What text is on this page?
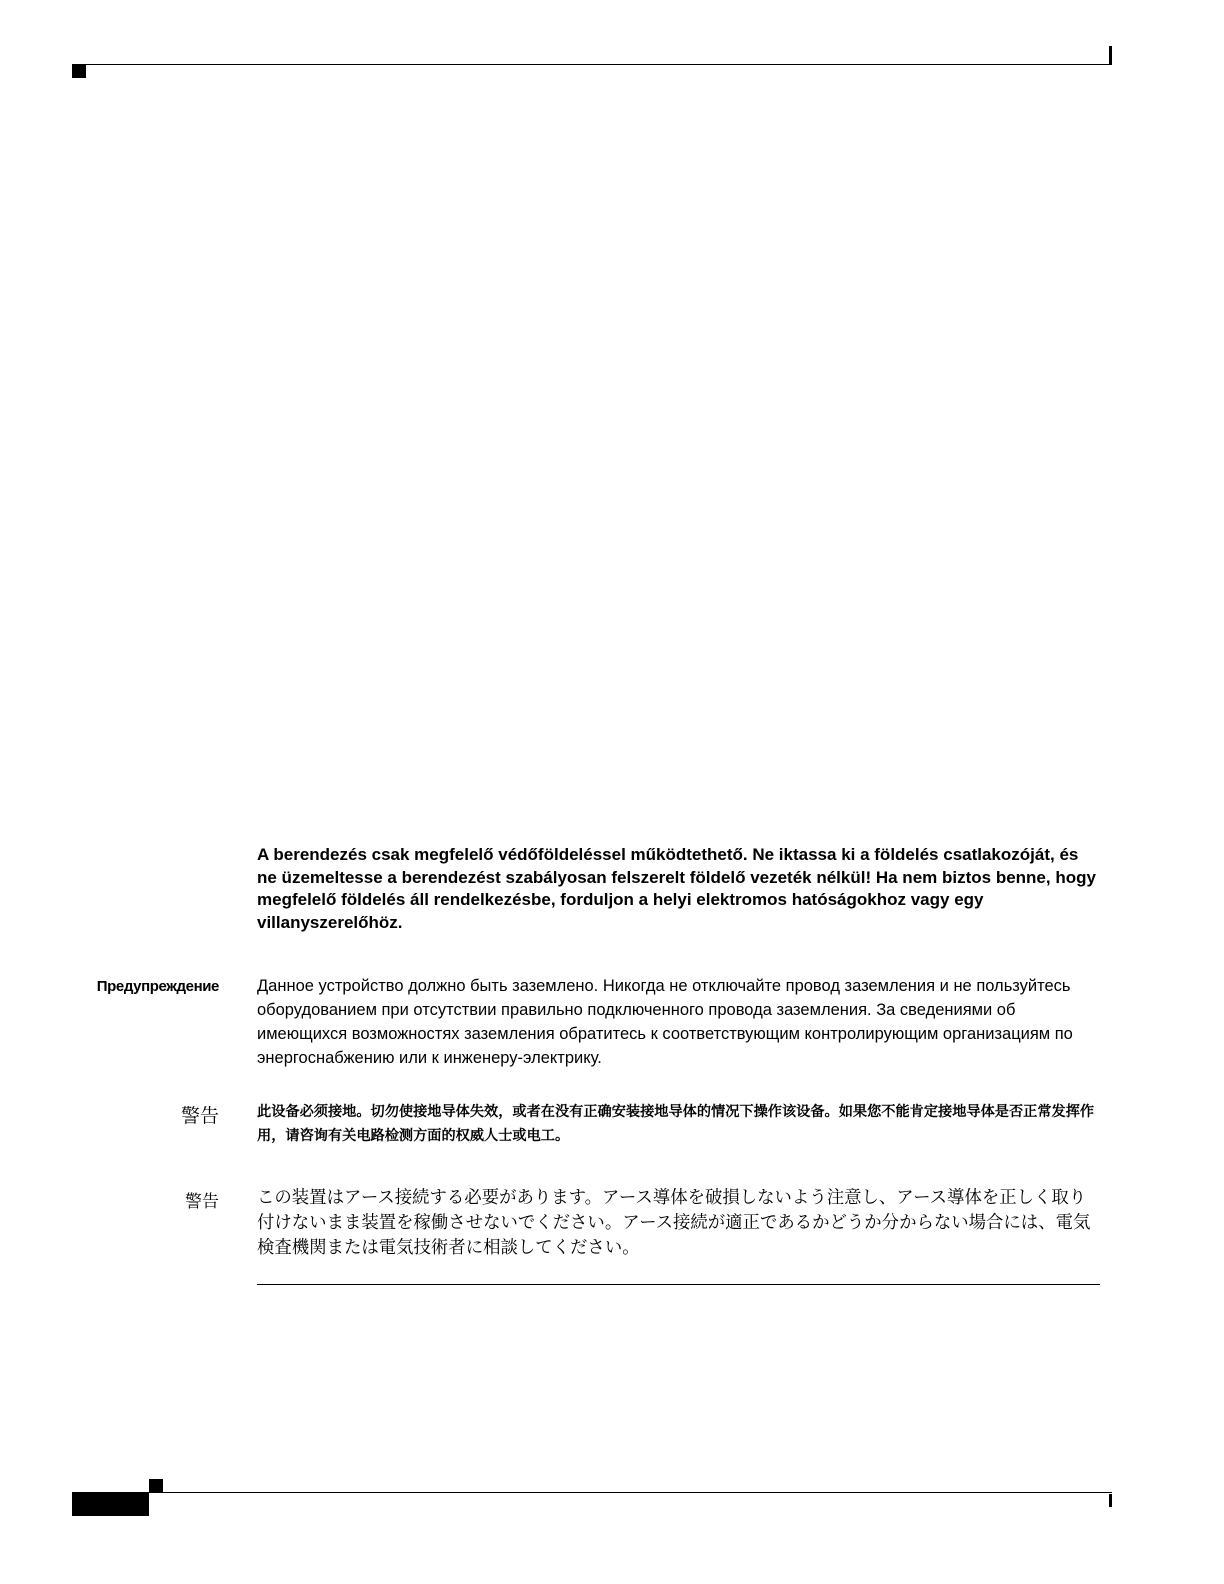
A berendezés csak megfelelő védőföldeléssel működtethető. Ne iktassa ki a földelés csatlakozóját, és ne üzemeltesse a berendezést szabályosan felszerelt földelő vezeték nélkül! Ha nem biztos benne, hogy megfelelő földelés áll rendelkezésbe, forduljon a helyi elektromos hatóságokhoz vagy egy villanyszerelőhöz.

Предупреждение Данное устройство должно быть заземлено. Никогда не отключайте провод заземления и не пользуйтесь оборудованием при отсутствии правильно подключенного провода заземления. За сведениями об имеющихся возможностях заземления обратитесь к соответствующим контролирующим организациям по энергоснабжению или к инженеру-электрику.

警告	此设备必须接地。切勿使接地导体失效，或者在没有正确安装接地导体的情况下操作该设备。如果您不能肯定接地导体是否正常发挥作用，请咨询有关电路检测方面的权威人士或电工。

警告 この装置はアース接続する必要があります。アース導体を破損しないよう注意し、アース導体を正しく取り付けないまま装置を稼働させないでください。アース接続が適正であるかどうか分からない場合には、電気検査機関または電気技術者に相談してください。
